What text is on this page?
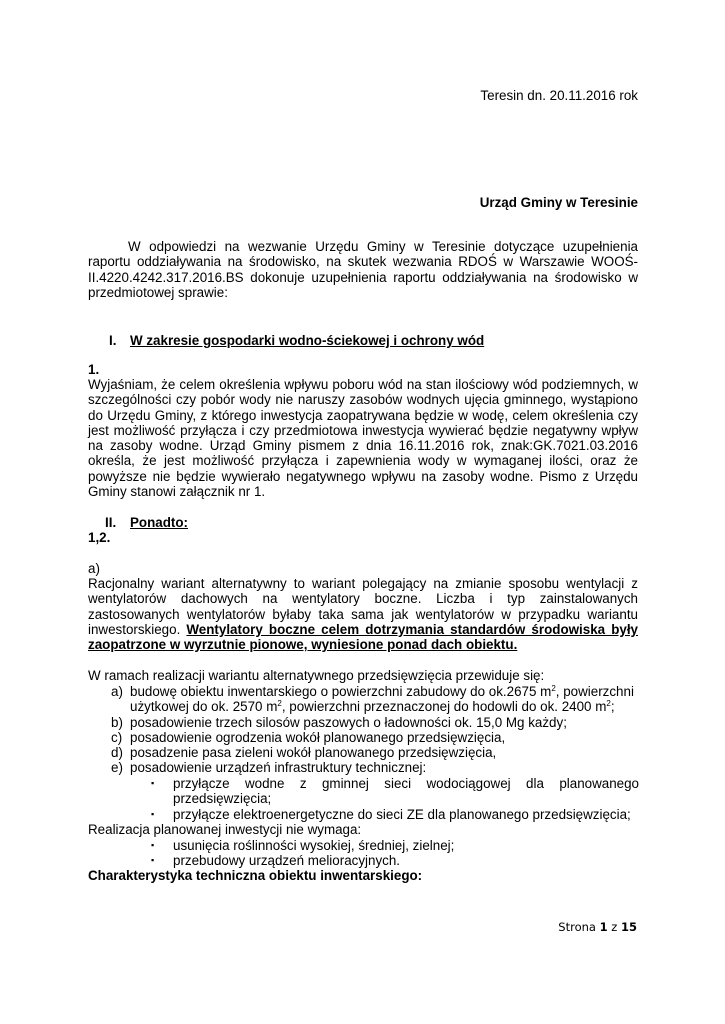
Teresin dn. 20.11.2016 rok
Urząd Gminy w Teresinie
W odpowiedzi na wezwanie Urzędu Gminy w Teresinie dotyczące uzupełnienia raportu oddziaływania na środowisko, na skutek wezwania RDOŚ w Warszawie WOOŚ-II.4220.4242.317.2016.BS dokonuje uzupełnienia raportu oddziaływania na środowisko w przedmiotowej sprawie:
I. W zakresie gospodarki wodno-ściekowej i ochrony wód
1.
Wyjaśniam, że celem określenia wpływu poboru wód na stan ilościowy wód podziemnych, w szczególności czy pobór wody nie naruszy zasobów wodnych ujęcia gminnego, wystąpiono do Urzędu Gminy, z którego inwestycja zaopatrywana będzie w wodę, celem określenia czy jest możliwość przyłącza i czy przedmiotowa inwestycja wywierać będzie negatywny wpływ na zasoby wodne. Urząd Gminy pismem z dnia 16.11.2016 rok, znak:GK.7021.03.2016 określa, że jest możliwość przyłącza i zapewnienia wody w wymaganej ilości, oraz że powyższe nie będzie wywierało negatywnego wpływu na zasoby wodne. Pismo z Urzędu Gminy stanowi załącznik nr 1.
II. Ponadto:
1,2.
a)
Racjonalny wariant alternatywny to wariant polegający na zmianie sposobu wentylacji z wentylatorów dachowych na wentylatory boczne. Liczba i typ zainstalowanych zastosowanych wentylatorów byłaby taka sama jak wentylatorów w przypadku wariantu inwestorskiego. Wentylatory boczne celem dotrzymania standardów środowiska były zaopatrzone w wyrzutnie pionowe, wyniesione ponad dach obiektu.
W ramach realizacji wariantu alternatywnego przedsięwzięcia przewiduje się:
a) budowę obiektu inwentarskiego o powierzchni zabudowy do ok.2675 $m^2$, powierzchni
użytkowej do ok. 2570 $m^2$, powierzchni przeznaczonej do hodowli do ok. 2400 $m^2$;
b) posadowienie trzech silosów paszowych o ładowności ok. 15,0 Mg każdy;
c) posadowienie ogrodzenia wokół planowanego przedsięwzięcia,
d) posadzenie pasa zieleni wokół planowanego przedsięwzięcia,
e) posadowienie urządzeń infrastruktury technicznej:
▪ przyłącze wodne z gminnej sieci wodociągowej dla planowanego
przedsięwzięcia;
▪ przyłącze elektroenergetyczne do sieci ZE dla planowanego przedsięwzięcia;
Realizacja planowanej inwestycji nie wymaga:
▪ usunięcia roślinności wysokiej, średniej, zielnej;
▪ przebudowy urządzeń melioracyjnych.
Charakterystyka techniczna obiektu inwentarskiego:
Strona 1 z 15
